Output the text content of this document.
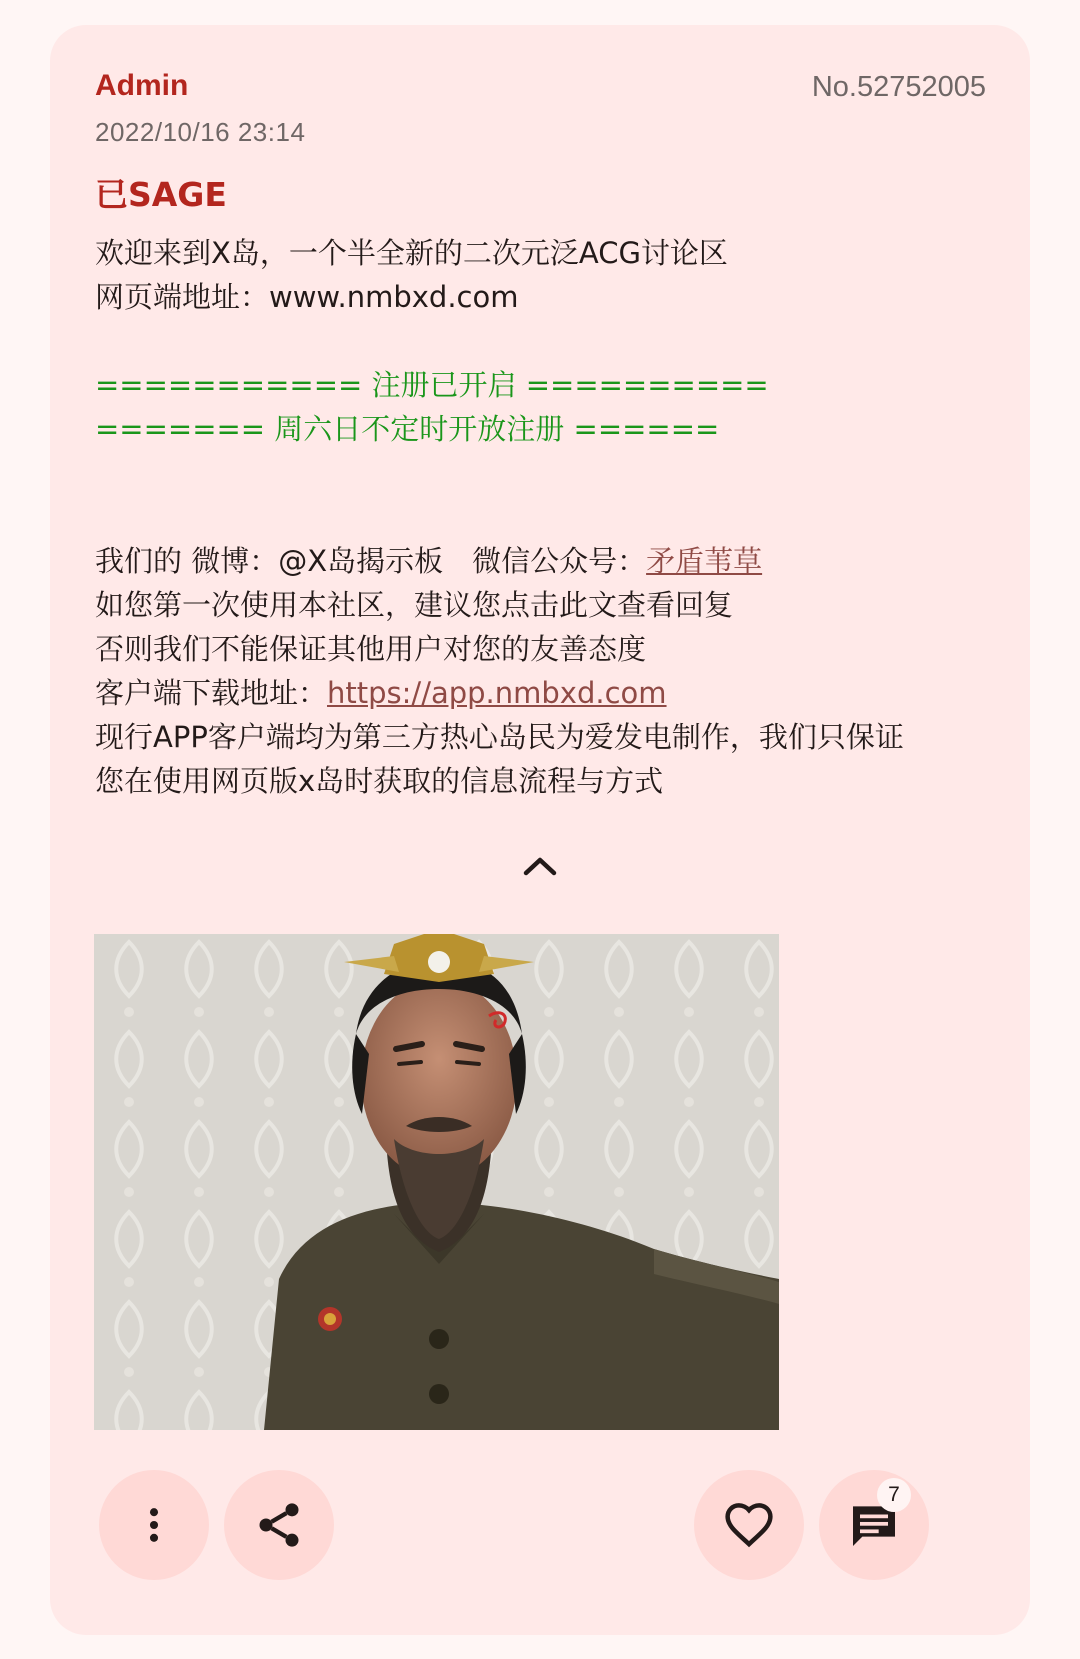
Admin	No.52752005
2022/10/16 23:14
已SAGE
欢迎来到X岛，一个半全新的二次元泛ACG讨论区
网页端地址：www.nmbxd.com
=========== 注册已开启 ==========
======= 周六日不定时开放注册 ======
我们的 微博：@X岛揭示板　微信公众号：矛盾苇草
如您第一次使用本社区，建议您点击此文查看回复
否则我们不能保证其他用户对您的友善态度
客户端下载地址：https://app.nmbxd.com
现行APP客户端均为第三方热心岛民为爱发电制作，我们只保证
您在使用网页版x岛时获取的信息流程与方式
7
